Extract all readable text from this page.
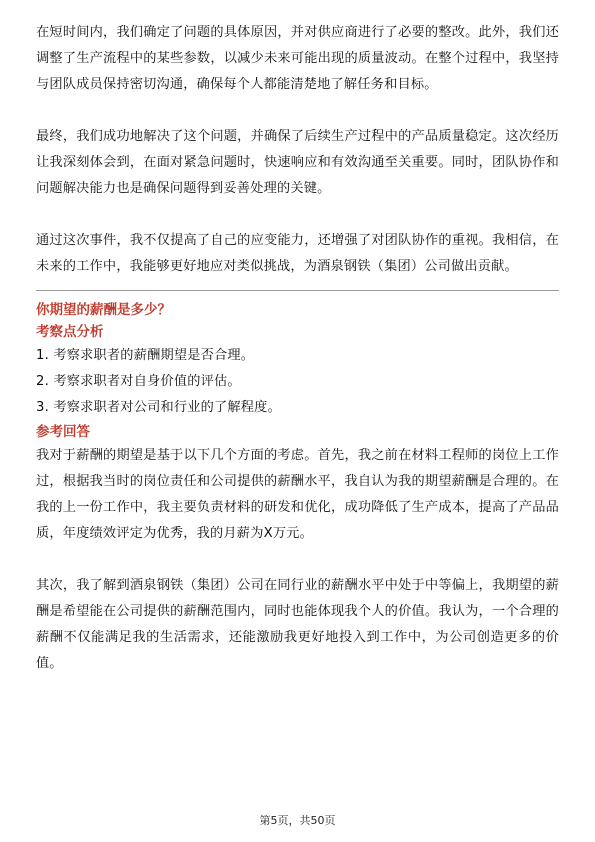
在短时间内，我们确定了问题的具体原因，并对供应商进行了必要的整改。此外，我们还调整了生产流程中的某些参数，以减少未来可能出现的质量波动。在整个过程中，我坚持与团队成员保持密切沟通，确保每个人都能清楚地了解任务和目标。

最终，我们成功地解决了这个问题，并确保了后续生产过程中的产品质量稳定。这次经历让我深刻体会到，在面对紧急问题时，快速响应和有效沟通至关重要。同时，团队协作和问题解决能力也是确保问题得到妥善处理的关键。

通过这次事件，我不仅提高了自己的应变能力，还增强了对团队协作的重视。我相信，在未来的工作中，我能够更好地应对类似挑战，为酒泉钢铁（集团）公司做出贡献。

你期望的薪酬是多少？

考察点分析

1. 考察求职者的薪酬期望是否合理。
2. 考察求职者对自身价值的评估。
3. 考察求职者对公司和行业的了解程度。

参考回答

我对于薪酬的期望是基于以下几个方面的考虑。首先，我之前在材料工程师的岗位上工作过，根据我当时的岗位责任和公司提供的薪酬水平，我自认为我的期望薪酬是合理的。在我的上一份工作中，我主要负责材料的研发和优化，成功降低了生产成本，提高了产品品质，年度绩效评定为优秀，我的月薪为X万元。

其次，我了解到酒泉钢铁（集团）公司在同行业的薪酬水平中处于中等偏上，我期望的薪酬是希望能在公司提供的薪酬范围内，同时也能体现我个人的价值。我认为，一个合理的薪酬不仅能满足我的生活需求，还能激励我更好地投入到工作中，为公司创造更多的价值。

第5页，共50页
